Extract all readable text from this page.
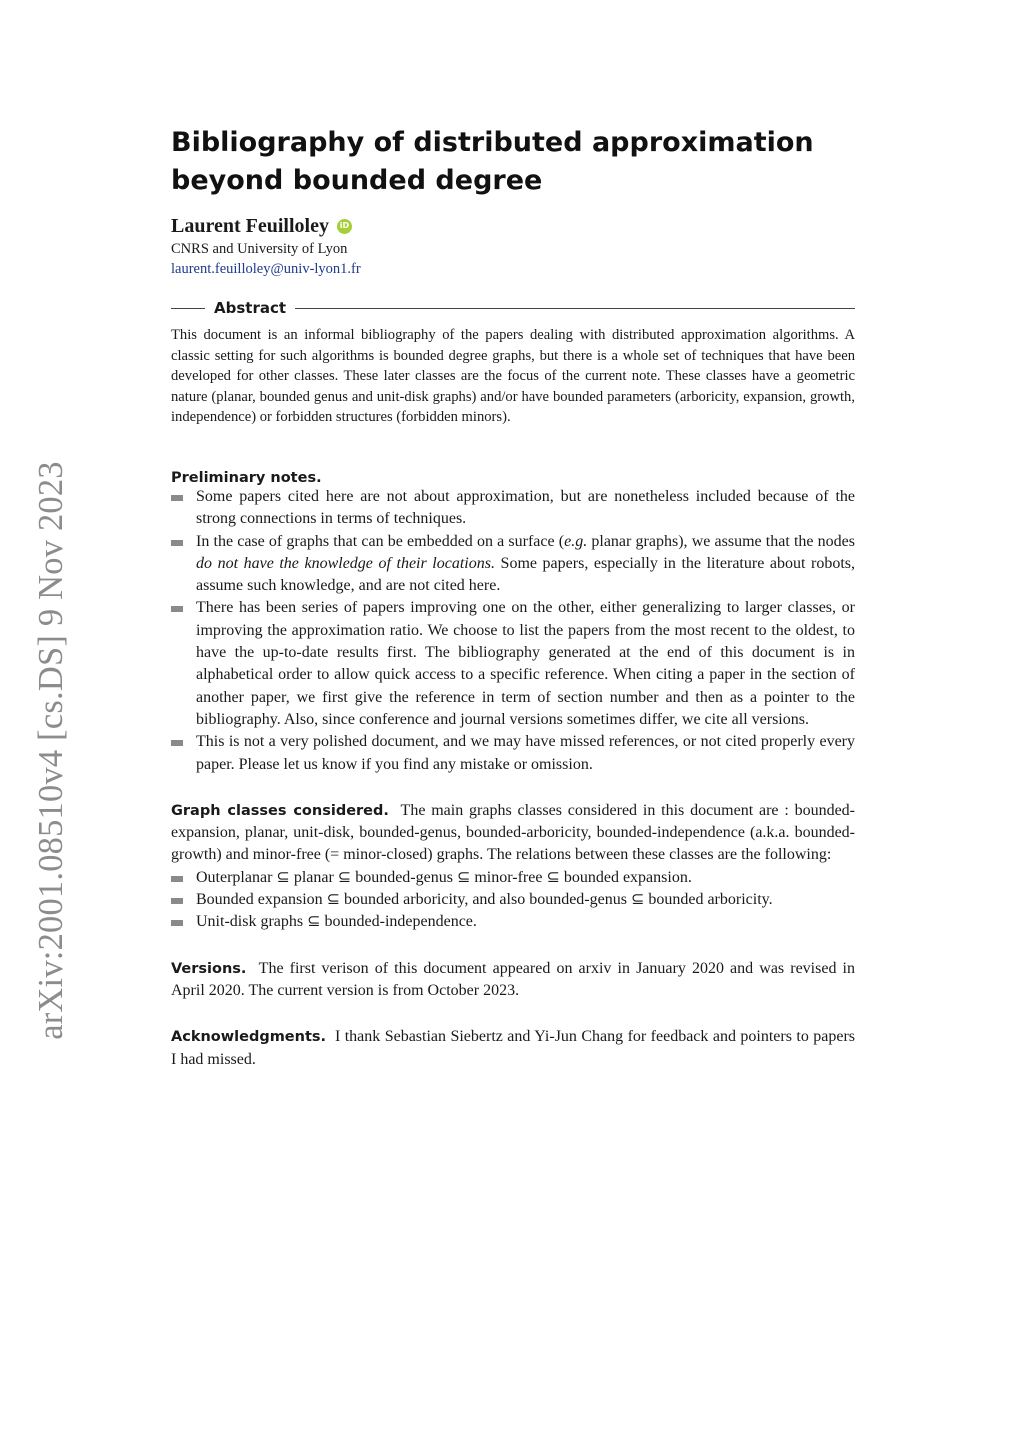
arXiv:2001.08510v4 [cs.DS] 9 Nov 2023
Bibliography of distributed approximation beyond bounded degree
Laurent Feuilloley	iD
CNRS and University of Lyon
laurent.feuilloley@univ-lyon1.fr
Abstract
This document is an informal bibliography of the papers dealing with distributed approximation algorithms. A classic setting for such algorithms is bounded degree graphs, but there is a whole set of techniques that have been developed for other classes. These later classes are the focus of the current note. These classes have a geometric nature (planar, bounded genus and unit-disk graphs) and/or have bounded parameters (arboricity, expansion, growth, independence) or forbidden structures (forbidden minors).
Preliminary notes.
Some papers cited here are not about approximation, but are nonetheless included because of the strong connections in terms of techniques.
In the case of graphs that can be embedded on a surface (e.g. planar graphs), we assume that the nodes do not have the knowledge of their locations. Some papers, especially in the literature about robots, assume such knowledge, and are not cited here.
There has been series of papers improving one on the other, either generalizing to larger classes, or improving the approximation ratio. We choose to list the papers from the most recent to the oldest, to have the up-to-date results first. The bibliography generated at the end of this document is in alphabetical order to allow quick access to a specific reference. When citing a paper in the section of another paper, we first give the reference in term of section number and then as a pointer to the bibliography. Also, since conference and journal versions sometimes differ, we cite all versions.
This is not a very polished document, and we may have missed references, or not cited properly every paper. Please let us know if you find any mistake or omission.
Graph classes considered. The main graphs classes considered in this document are : bounded-expansion, planar, unit-disk, bounded-genus, bounded-arboricity, bounded-independence (a.k.a. bounded-growth) and minor-free (= minor-closed) graphs. The relations between these classes are the following:
Outerplanar ⊆ planar ⊆ bounded-genus ⊆ minor-free ⊆ bounded expansion.
Bounded expansion ⊆ bounded arboricity, and also bounded-genus ⊆ bounded arboricity.
Unit-disk graphs ⊆ bounded-independence.
Versions. The first verison of this document appeared on arxiv in January 2020 and was revised in April 2020. The current version is from October 2023.
Acknowledgments. I thank Sebastian Siebertz and Yi-Jun Chang for feedback and pointers to papers I had missed.
